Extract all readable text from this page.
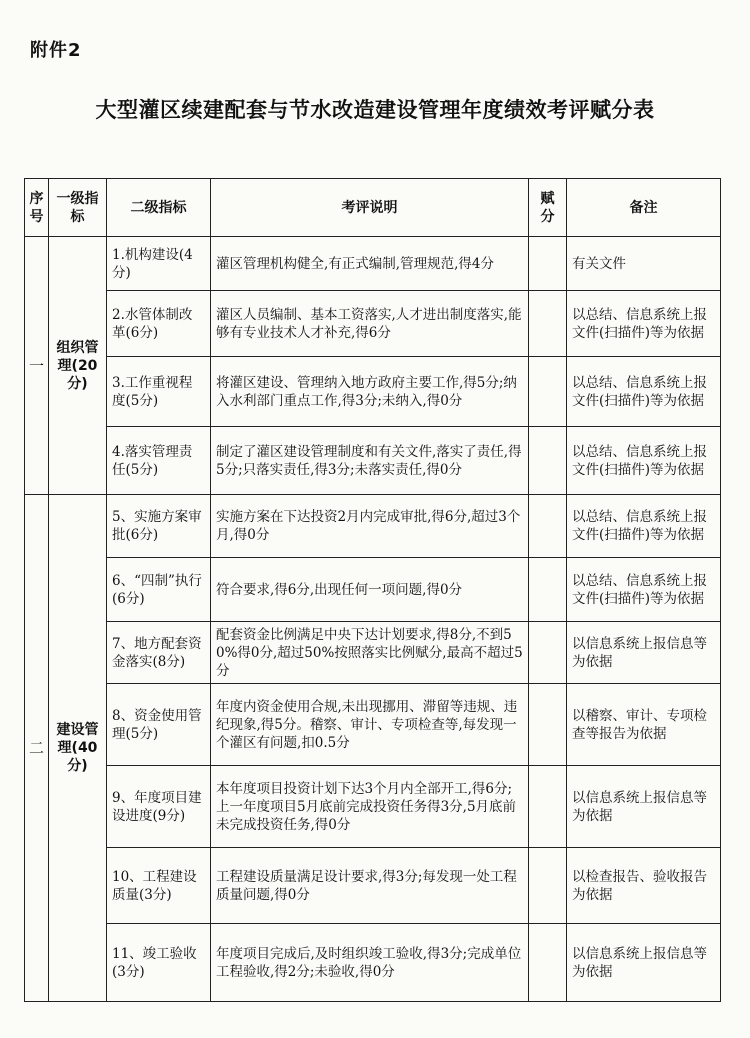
附件2
大型灌区续建配套与节水改造建设管理年度绩效考评赋分表
序号	一级指标	二级指标	考评说明	赋分	备注
一	组织管理(20分)	1.机构建设(4分)	灌区管理机构健全,有正式编制,管理规范,得4分		有关文件
		2.水管体制改革(6分)	灌区人员编制、基本工资落实,人才进出制度落实,能够有专业技术人才补充,得6分		以总结、信息系统上报文件(扫描件)等为依据
		3.工作重视程度(5分)	将灌区建设、管理纳入地方政府主要工作,得5分;纳入水利部门重点工作,得3分;未纳入,得0分		以总结、信息系统上报文件(扫描件)等为依据
		4.落实管理责任(5分)	制定了灌区建设管理制度和有关文件,落实了责任,得5分;只落实责任,得3分;未落实责任,得0分		以总结、信息系统上报文件(扫描件)等为依据
二	建设管理(40分)	5、实施方案审批(6分)	实施方案在下达投资2月内完成审批,得6分,超过3个月,得0分		以总结、信息系统上报文件(扫描件)等为依据
		6、“四制”执行(6分)	符合要求,得6分,出现任何一项问题,得0分		以总结、信息系统上报文件(扫描件)等为依据
		7、地方配套资金落实(8分)	配套资金比例满足中央下达计划要求,得8分,不到50%得0分,超过50%按照落实比例赋分,最高不超过5分		以信息系统上报信息等为依据
		8、资金使用管理(5分)	年度内资金使用合规,未出现挪用、滞留等违规、违纪现象,得5分。稽察、审计、专项检查等,每发现一个灌区有问题,扣0.5分		以稽察、审计、专项检查等报告为依据
		9、年度项目建设进度(9分)	本年度项目投资计划下达3个月内全部开工,得6分;上一年度项目5月底前完成投资任务得3分,5月底前未完成投资任务,得0分		以信息系统上报信息等为依据
		10、工程建设质量(3分)	工程建设质量满足设计要求,得3分;每发现一处工程质量问题,得0分		以检查报告、验收报告为依据
		11、竣工验收(3分)	年度项目完成后,及时组织竣工验收,得3分;完成单位工程验收,得2分;未验收,得0分		以信息系统上报信息等为依据
